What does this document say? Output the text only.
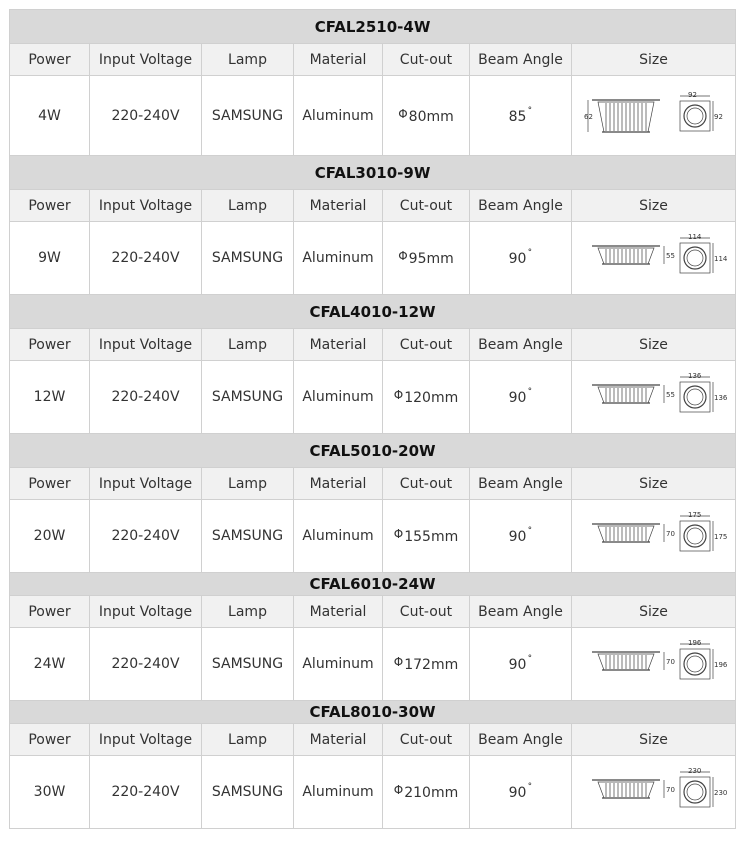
CFAL2510-4W						
Power	Input Voltage	Lamp	Material	Cut-out	Beam Angle	Size
4W	220-240V	SAMSUNG	Aluminum	Φ80mm	85˚	62
92
92

CFAL3010-9W						
Power	Input Voltage	Lamp	Material	Cut-out	Beam Angle	Size
9W	220-240V	SAMSUNG	Aluminum	Φ95mm	90˚	55
114
114

CFAL4010-12W						
Power	Input Voltage	Lamp	Material	Cut-out	Beam Angle	Size
12W	220-240V	SAMSUNG	Aluminum	Φ120mm	90˚	55
136
136

CFAL5010-20W						
Power	Input Voltage	Lamp	Material	Cut-out	Beam Angle	Size
20W	220-240V	SAMSUNG	Aluminum	Φ155mm	90˚	70
175
175

CFAL6010-24W						
Power	Input Voltage	Lamp	Material	Cut-out	Beam Angle	Size
24W	220-240V	SAMSUNG	Aluminum	Φ172mm	90˚	70
196
196

CFAL8010-30W						
Power	Input Voltage	Lamp	Material	Cut-out	Beam Angle	Size
30W	220-240V	SAMSUNG	Aluminum	Φ210mm	90˚	70
230
230
